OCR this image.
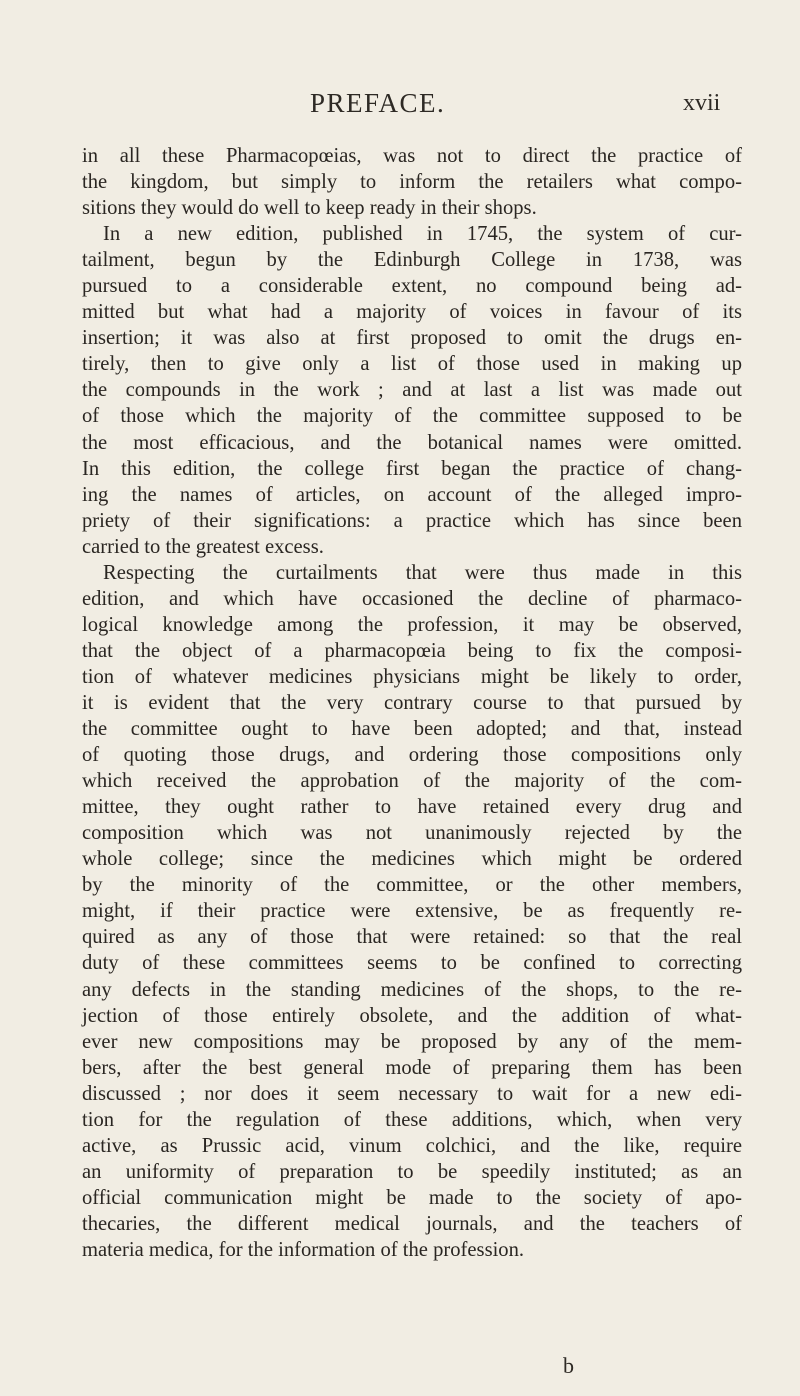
PREFACE.	xvii
in all these Pharmacopœias, was not to direct the practice of
the kingdom, but simply to inform the retailers what compo-
sitions they would do well to keep ready in their shops.
In a new edition, published in 1745, the system of cur-
tailment, begun by the Edinburgh College in 1738, was
pursued to a considerable extent, no compound being ad-
mitted but what had a majority of voices in favour of its
insertion; it was also at first proposed to omit the drugs en-
tirely, then to give only a list of those used in making up
the compounds in the work ; and at last a list was made out
of those which the majority of the committee supposed to be
the most efficacious, and the botanical names were omitted.
In this edition, the college first began the practice of chang-
ing the names of articles, on account of the alleged impro-
priety of their significations: a practice which has since been
carried to the greatest excess.
Respecting the curtailments that were thus made in this
edition, and which have occasioned the decline of pharmaco-
logical knowledge among the profession, it may be observed,
that the object of a pharmacopœia being to fix the composi-
tion of whatever medicines physicians might be likely to order,
it is evident that the very contrary course to that pursued by
the committee ought to have been adopted; and that, instead
of quoting those drugs, and ordering those compositions only
which received the approbation of the majority of the com-
mittee, they ought rather to have retained every drug and
composition which was not unanimously rejected by the
whole college; since the medicines which might be ordered
by the minority of the committee, or the other members,
might, if their practice were extensive, be as frequently re-
quired as any of those that were retained: so that the real
duty of these committees seems to be confined to correcting
any defects in the standing medicines of the shops, to the re-
jection of those entirely obsolete, and the addition of what-
ever new compositions may be proposed by any of the mem-
bers, after the best general mode of preparing them has been
discussed ; nor does it seem necessary to wait for a new edi-
tion for the regulation of these additions, which, when very
active, as Prussic acid, vinum colchici, and the like, require
an uniformity of preparation to be speedily instituted; as an
official communication might be made to the society of apo-
thecaries, the different medical journals, and the teachers of
materia medica, for the information of the profession.
b
